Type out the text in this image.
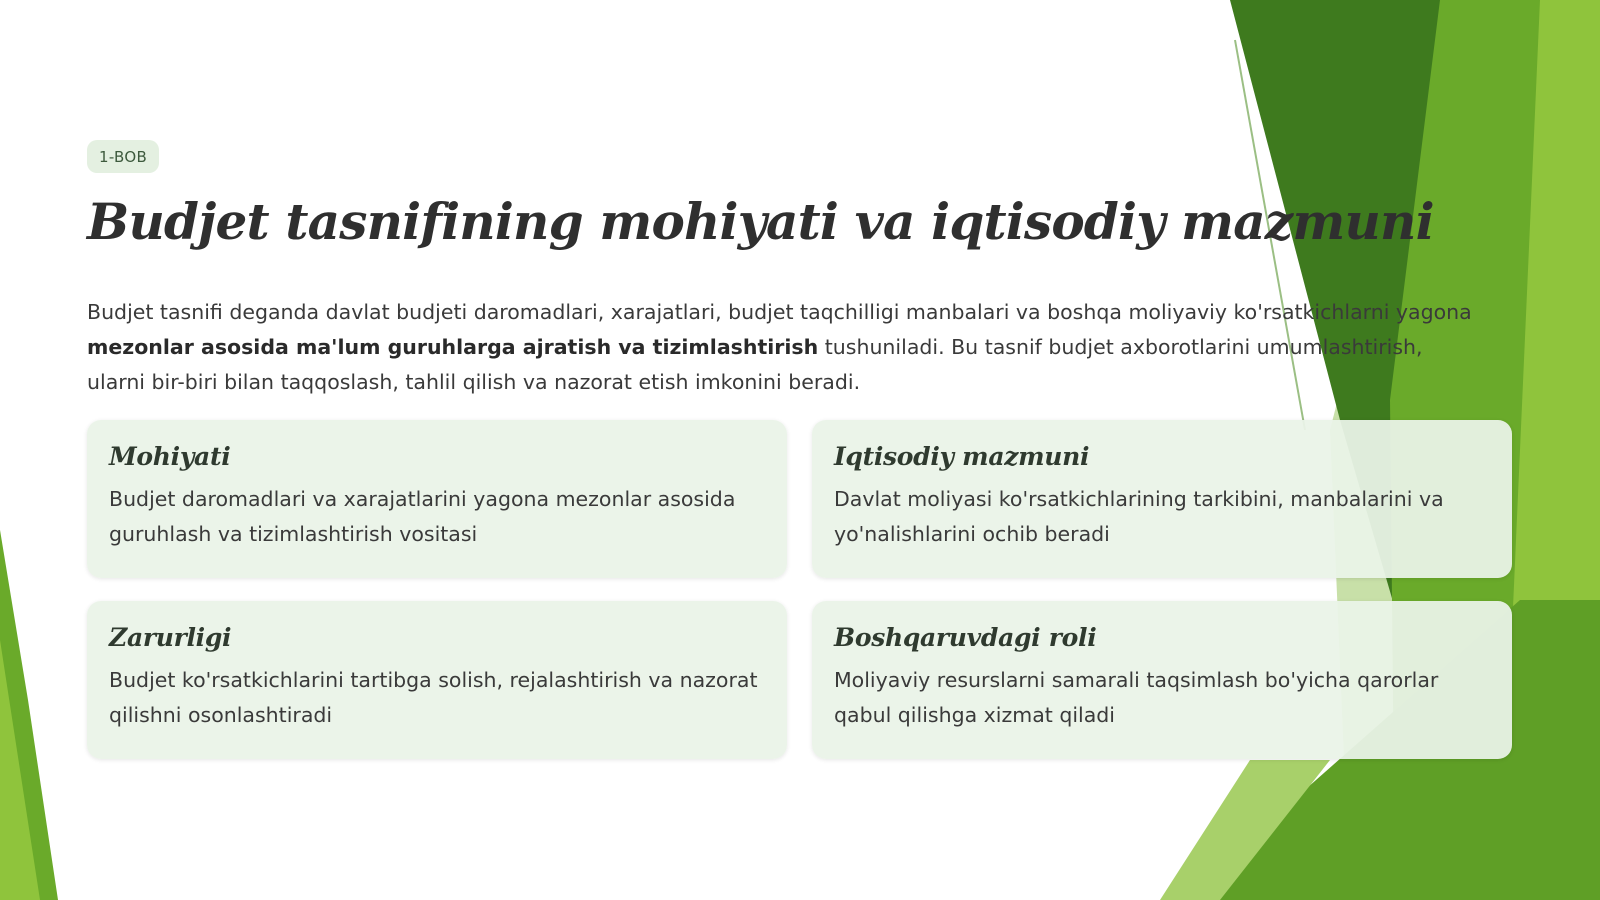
1-BOB
Budjet tasnifining mohiyati va iqtisodiy mazmuni

Budjet tasnifi deganda davlat budjeti daromadlari, xarajatlari, budjet taqchilligi manbalari va boshqa moliyaviy ko'rsatkichlarni yagona mezonlar asosida ma'lum guruhlarga ajratish va tizimlashtirish tushuniladi. Bu tasnif budjet axborotlarini umumlashtirish, ularni bir-biri bilan taqqoslash, tahlil qilish va nazorat etish imkonini beradi.

Mohiyati

Budjet daromadlari va xarajatlarini yagona mezonlar asosida guruhlash va tizimlashtirish vositasi

Iqtisodiy mazmuni

Davlat moliyasi ko'rsatkichlarining tarkibini, manbalarini va yo'nalishlarini ochib beradi

Zarurligi

Budjet ko'rsatkichlarini tartibga solish, rejalashtirish va nazorat qilishni osonlashtiradi

Boshqaruvdagi roli

Moliyaviy resurslarni samarali taqsimlash bo'yicha qarorlar qabul qilishga xizmat qiladi
